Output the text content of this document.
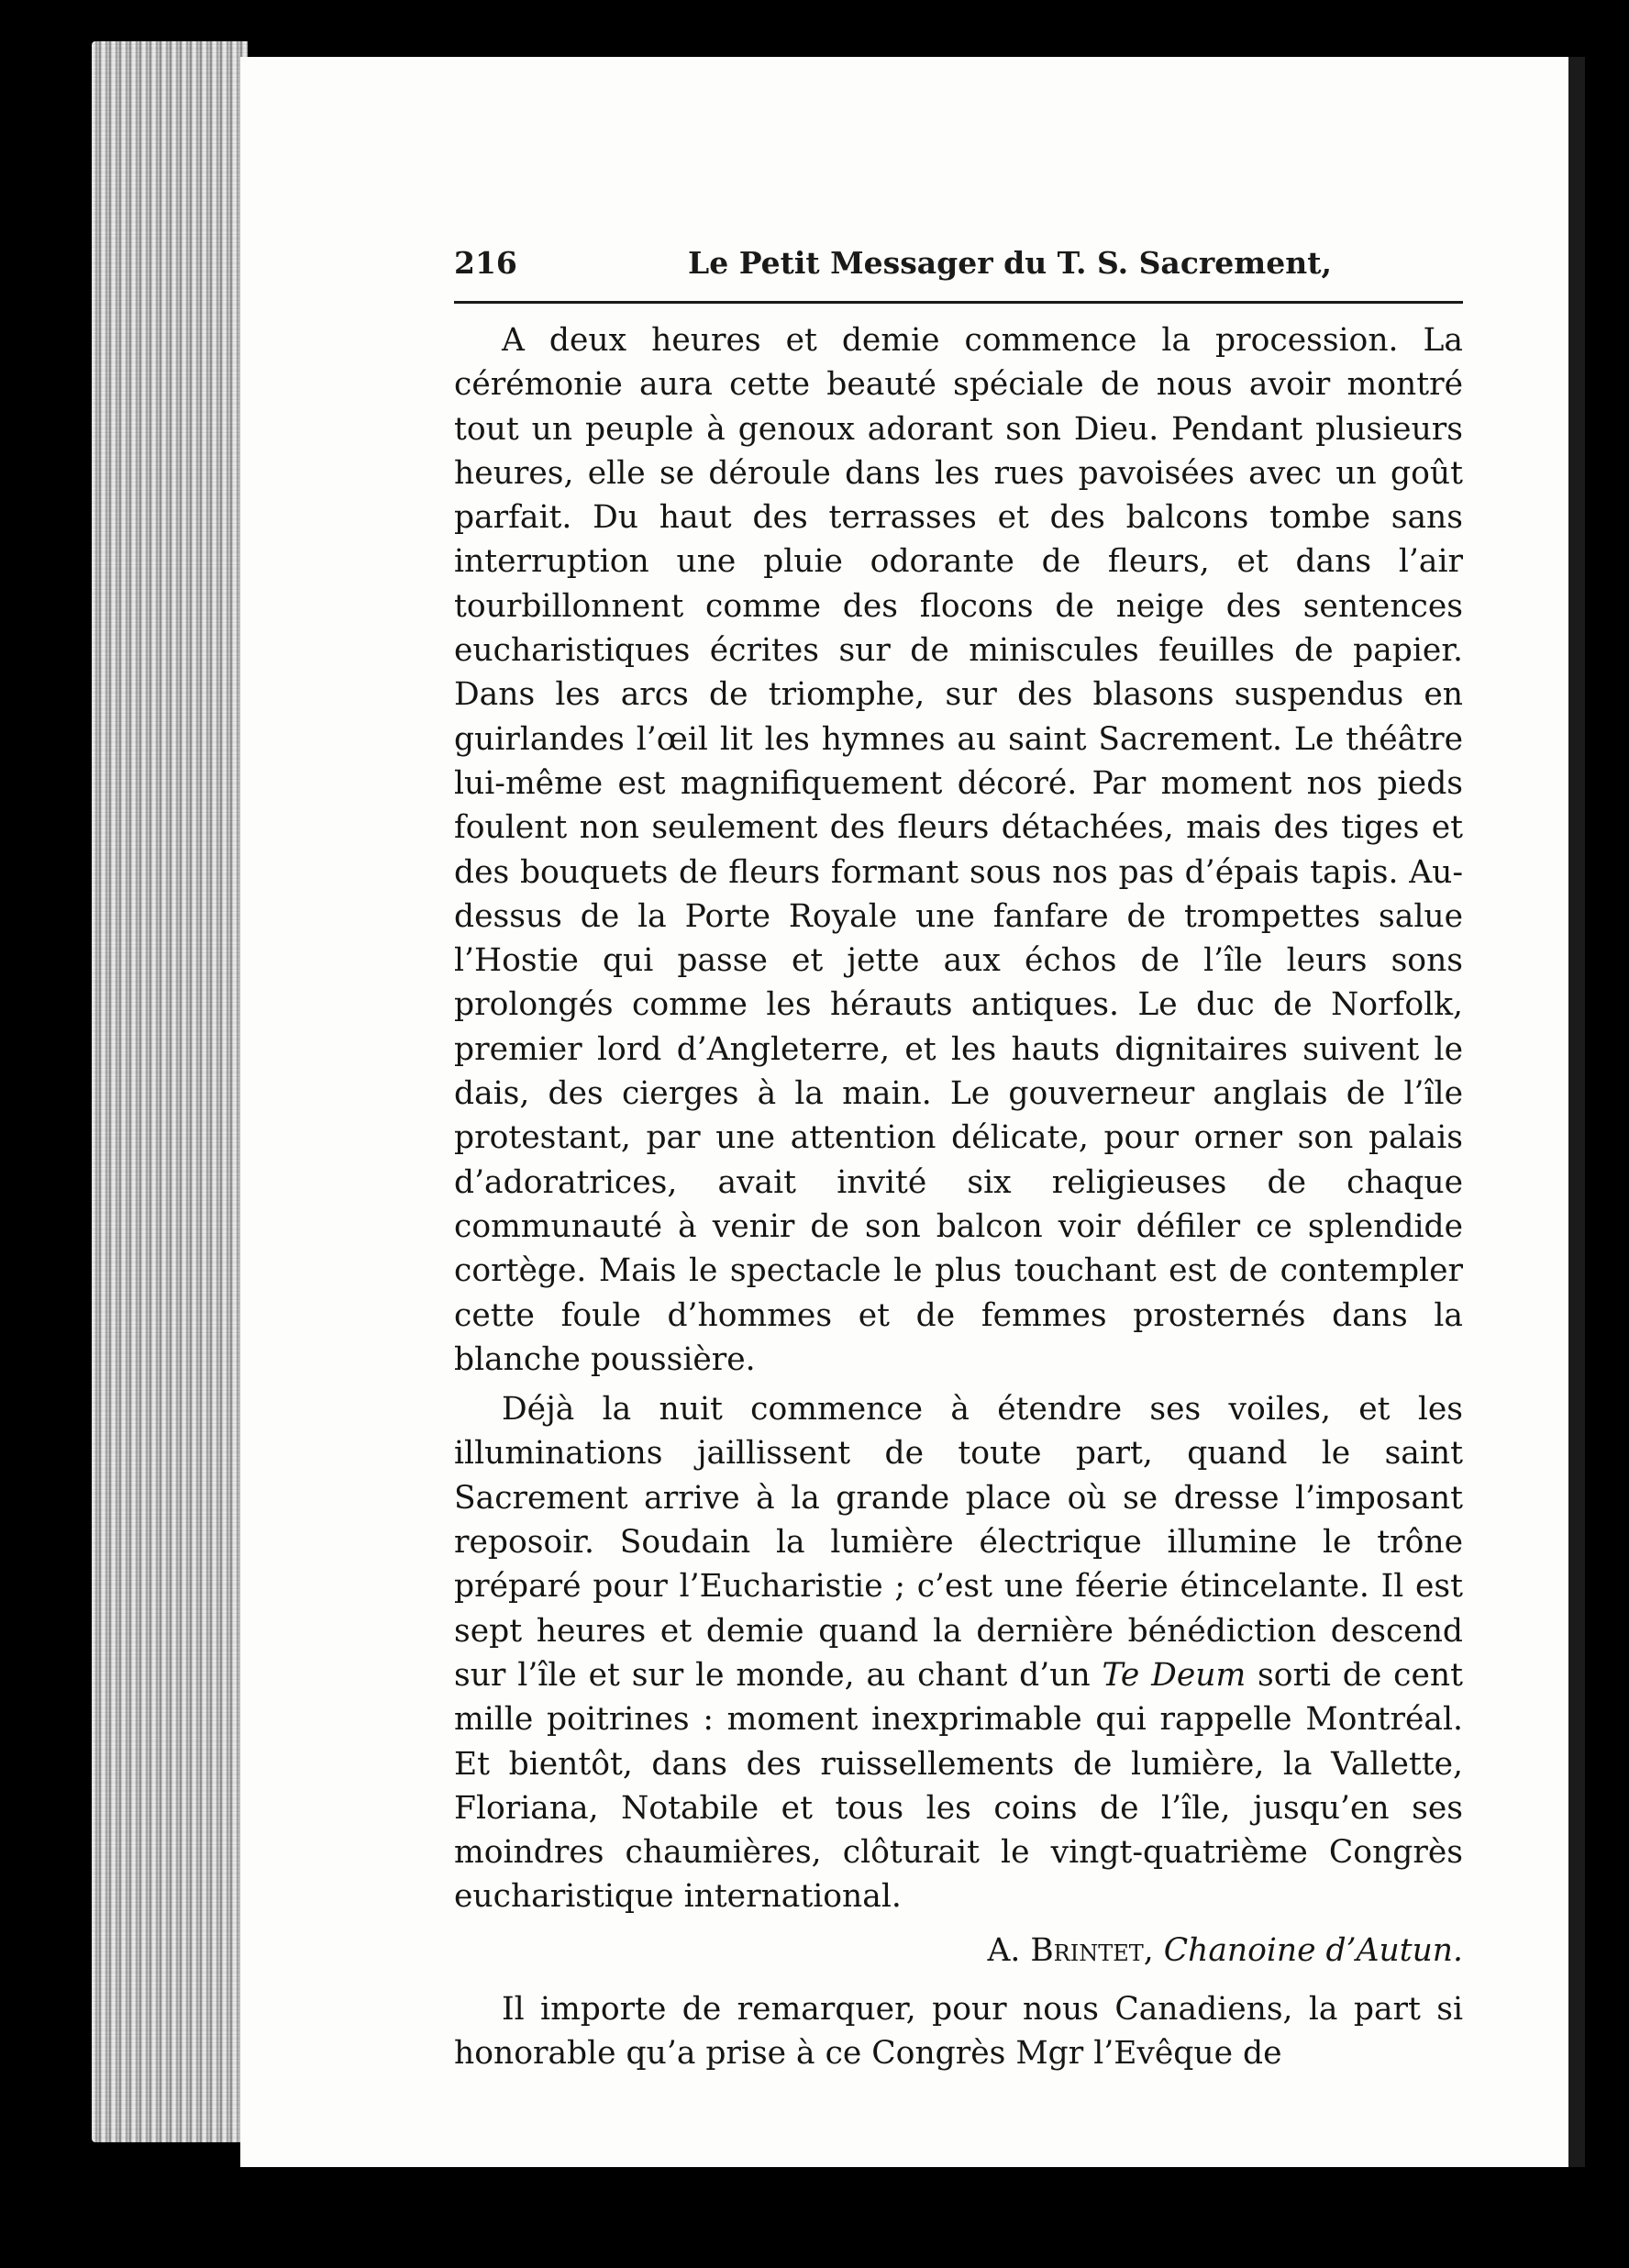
216	Le Petit Messager du T. S. Sacrement,

A deux heures et demie commence la procession. La cérémonie aura cette beauté spéciale de nous avoir montré tout un peuple à genoux adorant son Dieu. Pendant plusieurs heures, elle se déroule dans les rues pavoisées avec un goût parfait. Du haut des terrasses et des balcons tombe sans interruption une pluie odorante de fleurs, et dans l’air tourbillonnent comme des flocons de neige des sentences eucharistiques écrites sur de miniscules feuilles de papier. Dans les arcs de triomphe, sur des blasons suspendus en guirlandes l’œil lit les hymnes au saint Sacrement. Le théâtre lui-même est magnifiquement décoré. Par moment nos pieds foulent non seulement des fleurs détachées, mais des tiges et des bouquets de fleurs formant sous nos pas d’épais tapis. Au-dessus de la Porte Royale une fanfare de trompettes salue l’Hostie qui passe et jette aux échos de l’île leurs sons prolongés comme les hérauts antiques. Le duc de Norfolk, premier lord d’Angleterre, et les hauts dignitaires suivent le dais, des cierges à la main. Le gouverneur anglais de l’île protestant, par une attention délicate, pour orner son palais d’adoratrices, avait invité six religieuses de chaque communauté à venir de son balcon voir défiler ce splendide cortège. Mais le spectacle le plus touchant est de contempler cette foule d’hommes et de femmes prosternés dans la blanche poussière.

Déjà la nuit commence à étendre ses voiles, et les illuminations jaillissent de toute part, quand le saint Sacrement arrive à la grande place où se dresse l’imposant reposoir. Soudain la lumière électrique illumine le trône préparé pour l’Eucharistie ; c’est une féerie étincelante. Il est sept heures et demie quand la dernière bénédiction descend sur l’île et sur le monde, au chant d’un Te Deum sorti de cent mille poitrines : moment inexprimable qui rappelle Montréal. Et bientôt, dans des ruissellements de lumière, la Vallette, Floriana, Notabile et tous les coins de l’île, jusqu’en ses moindres chaumières, clôturait le vingt-quatrième Congrès eucharistique international.

A. Brintet, Chanoine d’Autun.

Il importe de remarquer, pour nous Canadiens, la part si honorable qu’a prise à ce Congrès Mgr l’Evêque de
